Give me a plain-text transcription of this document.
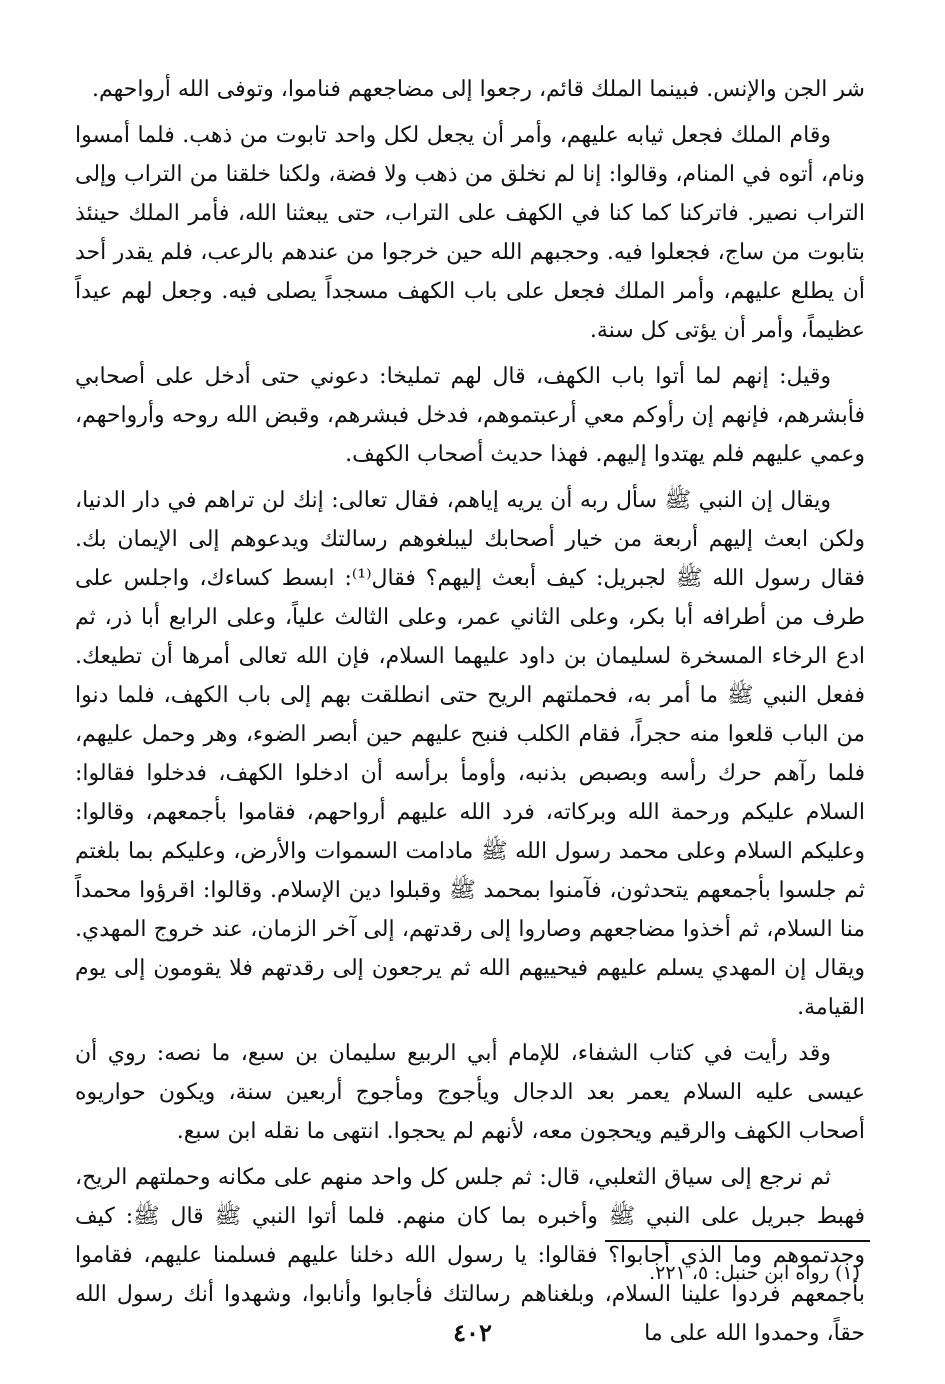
شر الجن والإنس. فبينما الملك قائم، رجعوا إلى مضاجعهم فناموا، وتوفى الله أرواحهم.

وقام الملك فجعل ثيابه عليهم، وأمر أن يجعل لكل واحد تابوت من ذهب. فلما أمسوا ونام، أتوه في المنام، وقالوا: إنا لم نخلق من ذهب ولا فضة، ولكنا خلقنا من التراب وإلى التراب نصير. فاتركنا كما كنا في الكهف على التراب، حتى يبعثنا الله، فأمر الملك حينئذ بتابوت من ساج، فجعلوا فيه. وحجبهم الله حين خرجوا من عندهم بالرعب، فلم يقدر أحد أن يطلع عليهم، وأمر الملك فجعل على باب الكهف مسجداً يصلى فيه. وجعل لهم عيداً عظيماً، وأمر أن يؤتى كل سنة.

وقيل: إنهم لما أتوا باب الكهف، قال لهم تمليخا: دعوني حتى أدخل على أصحابي فأبشرهم، فإنهم إن رأوكم معي أرعبتموهم، فدخل فبشرهم، وقبض الله روحه وأرواحهم، وعمي عليهم فلم يهتدوا إليهم. فهذا حديث أصحاب الكهف.

ويقال إن النبي ﷺ سأل ربه أن يريه إياهم، فقال تعالى: إنك لن تراهم في دار الدنيا، ولكن ابعث إليهم أربعة من خيار أصحابك ليبلغوهم رسالتك ويدعوهم إلى الإيمان بك. فقال رسول الله ﷺ لجبريل: كيف أبعث إليهم؟ فقال⁽¹⁾: ابسط كساءك، واجلس على طرف من أطرافه أبا بكر، وعلى الثاني عمر، وعلى الثالث علياً، وعلى الرابع أبا ذر، ثم ادع الرخاء المسخرة لسليمان بن داود عليهما السلام، فإن الله تعالى أمرها أن تطيعك. ففعل النبي ﷺ ما أمر به، فحملتهم الريح حتى انطلقت بهم إلى باب الكهف، فلما دنوا من الباب قلعوا منه حجراً، فقام الكلب فنبح عليهم حين أبصر الضوء، وهر وحمل عليهم، فلما رآهم حرك رأسه وبصبص بذنبه، وأومأ برأسه أن ادخلوا الكهف، فدخلوا فقالوا: السلام عليكم ورحمة الله وبركاته، فرد الله عليهم أرواحهم، فقاموا بأجمعهم، وقالوا: وعليكم السلام وعلى محمد رسول الله ﷺ مادامت السموات والأرض، وعليكم بما بلغتم ثم جلسوا بأجمعهم يتحدثون، فآمنوا بمحمد ﷺ وقبلوا دين الإسلام. وقالوا: اقرؤوا محمداً منا السلام، ثم أخذوا مضاجعهم وصاروا إلى رقدتهم، إلى آخر الزمان، عند خروج المهدي. ويقال إن المهدي يسلم عليهم فيحييهم الله ثم يرجعون إلى رقدتهم فلا يقومون إلى يوم القيامة.

وقد رأيت في كتاب الشفاء، للإمام أبي الربيع سليمان بن سبع، ما نصه: روي أن عيسى عليه السلام يعمر بعد الدجال ويأجوج ومأجوج أربعين سنة، ويكون حواريوه أصحاب الكهف والرقيم ويحجون معه، لأنهم لم يحجوا. انتهى ما نقله ابن سبع.

ثم نرجع إلى سياق الثعلبي، قال: ثم جلس كل واحد منهم على مكانه وحملتهم الريح، فهبط جبريل على النبي ﷺ وأخبره بما كان منهم. فلما أتوا النبي ﷺ قال ﷺ: كيف وجدتموهم وما الذي أجابوا؟ فقالوا: يا رسول الله دخلنا عليهم فسلمنا عليهم، فقاموا بأجمعهم فردوا علينا السلام، وبلغناهم رسالتك فأجابوا وأنابوا، وشهدوا أنك رسول الله حقاً، وحمدوا الله على ما

(١) رواه ابن حنبل: ٥، ٢٢١.
٤٠٢
